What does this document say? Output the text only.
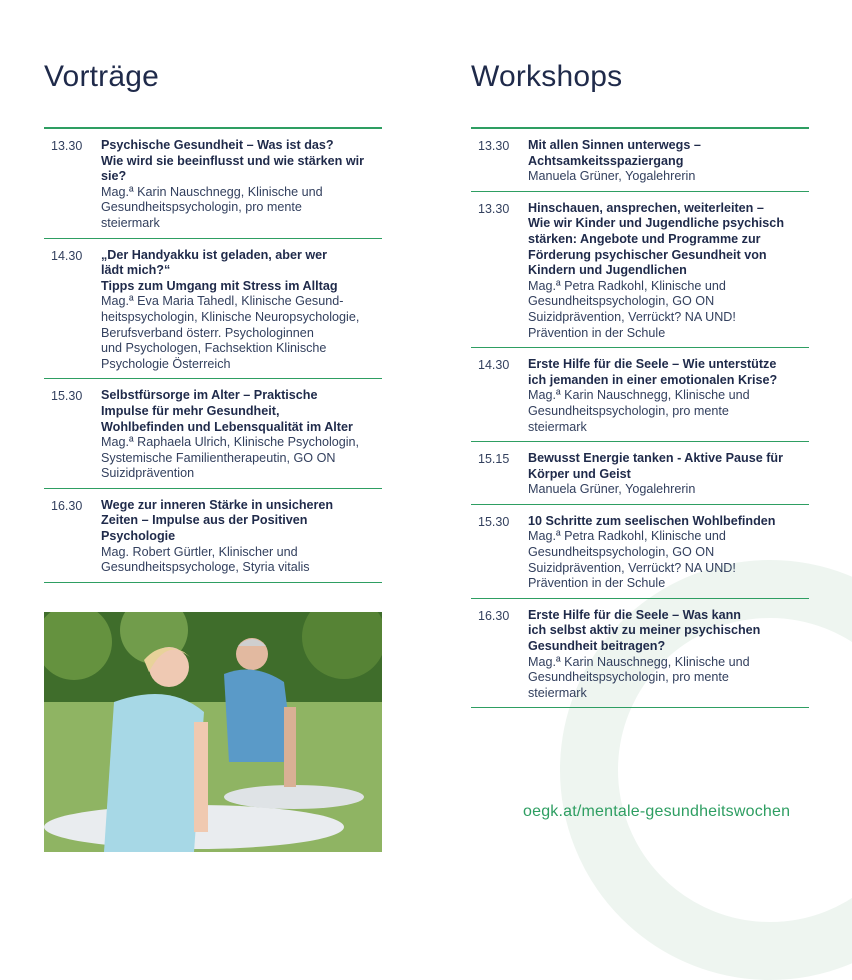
Vorträge
13.30	Psychische Gesundheit – Was ist das?
Wie wird sie beeinflusst und wie stärken wir
sie?
Mag.ª Karin Nauschnegg, Klinische und
Gesundheitspsychologin, pro mente
steiermark
14.30	„Der Handyakku ist geladen, aber wer
lädt mich?“
Tipps zum Umgang mit Stress im Alltag
Mag.ª Eva Maria Tahedl, Klinische Gesund-
heitspsychologin, Klinische Neuropsychologie,
Berufsverband österr. Psychologinnen
und Psychologen, Fachsektion Klinische
Psychologie Österreich
15.30	Selbstfürsorge im Alter – Praktische
Impulse für mehr Gesundheit,
Wohlbefinden und Lebensqualität im Alter
Mag.ª Raphaela Ulrich, Klinische Psychologin,
Systemische Familientherapeutin, GO ON
Suizidprävention
16.30	Wege zur inneren Stärke in unsicheren
Zeiten – Impulse aus der Positiven
Psychologie
Mag. Robert Gürtler, Klinischer und
Gesundheitspsychologe, Styria vitalis
Workshops
13.30	Mit allen Sinnen unterwegs –
Achtsamkeitsspaziergang
Manuela Grüner, Yogalehrerin
13.30	Hinschauen, ansprechen, weiterleiten –
Wie wir Kinder und Jugendliche psychisch
stärken: Angebote und Programme zur
Förderung psychischer Gesundheit von
Kindern und Jugendlichen
Mag.ª Petra Radkohl, Klinische und
Gesundheitspsychologin, GO ON
Suizidprävention, Verrückt? NA UND!
Prävention in der Schule
14.30	Erste Hilfe für die Seele – Wie unterstütze
ich jemanden in einer emotionalen Krise?
Mag.ª Karin Nauschnegg, Klinische und
Gesundheitspsychologin, pro mente
steiermark
15.15	Bewusst Energie tanken - Aktive Pause für
Körper und Geist
Manuela Grüner, Yogalehrerin
15.30	10 Schritte zum seelischen Wohlbefinden
Mag.ª Petra Radkohl, Klinische und
Gesundheitspsychologin, GO ON
Suizidprävention, Verrückt? NA UND!
Prävention in der Schule
16.30	Erste Hilfe für die Seele – Was kann
ich selbst aktiv zu meiner psychischen
Gesundheit beitragen?
Mag.ª Karin Nauschnegg, Klinische und
Gesundheitspsychologin, pro mente
steiermark
oegk.at/mentale-gesundheitswochen
